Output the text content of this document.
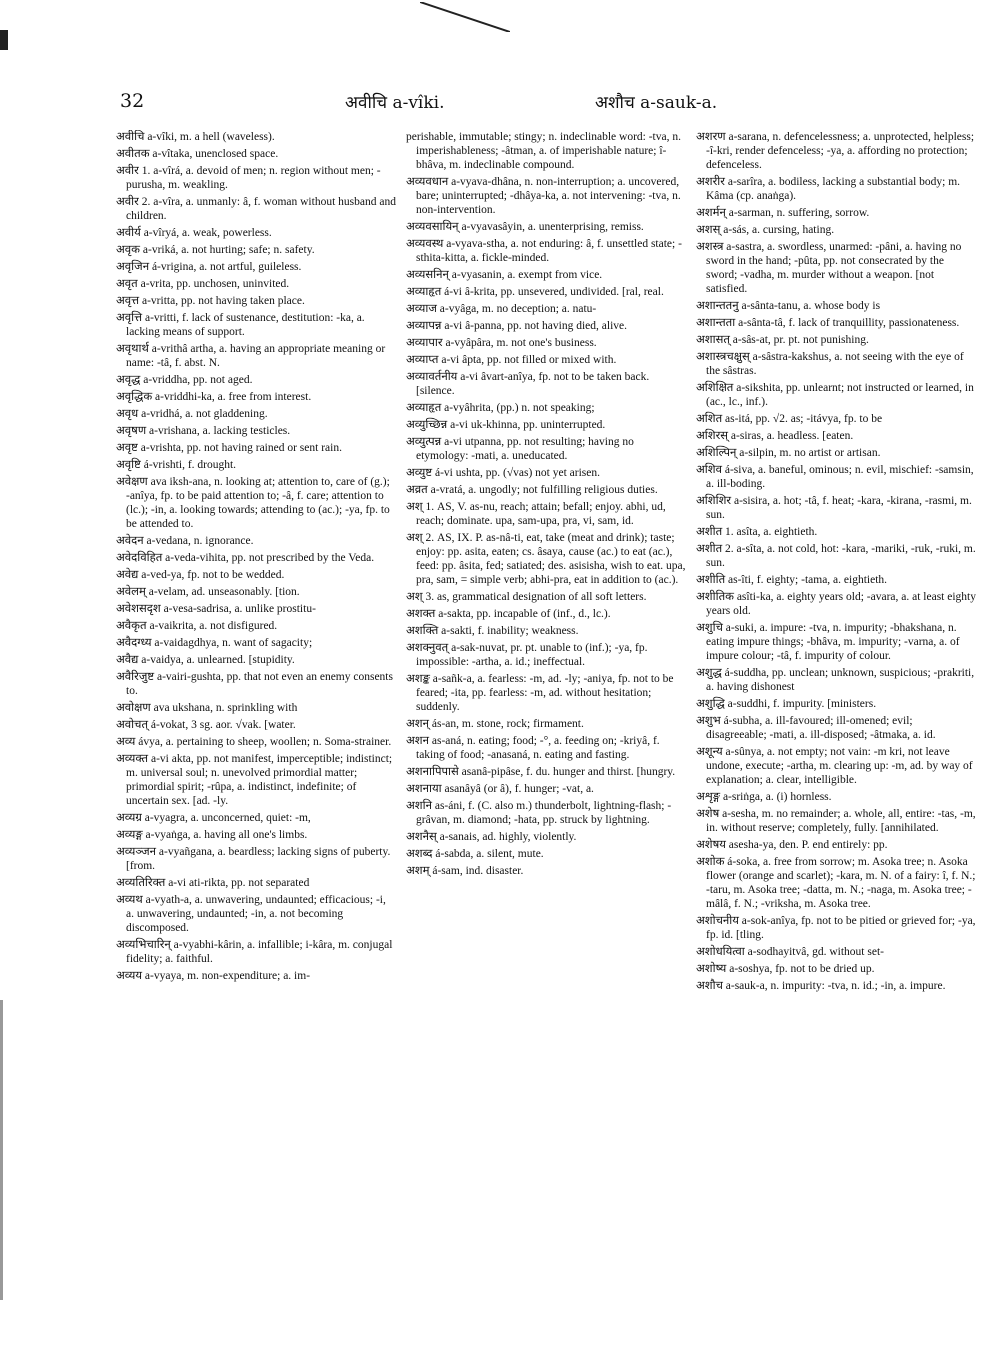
32	अवीचि a-vîki.	अशौच a-sauk-a.

अवीचि a-vîki, m. a hell (waveless).

अवीतक a-vîtaka, unenclosed space.

अवीर 1. a-vîrá, a. devoid of men; n. region without men; -purusha, m. weakling.

अवीर 2. a-vîra, a. unmanly: â, f. woman without husband and children.

अवीर्य a-vîryá, a. weak, powerless.

अवृक a-vriká, a. not hurting; safe; n. safety.

अवृजिन á-vrigina, a. not artful, guileless.

अवृत a-vrita, pp. unchosen, uninvited.

अवृत्त a-vritta, pp. not having taken place.

अवृत्ति a-vritti, f. lack of sustenance, destitution: -ka, a. lacking means of support.

अवृथार्थ a-vrithâ artha, a. having an appropriate meaning or name: -tâ, f. abst. N.

अवृद्ध a-vriddha, pp. not aged.

अवृद्धिक a-vriddhi-ka, a. free from interest.

अवृध a-vridhá, a. not gladdening.

अवृषण a-vrishana, a. lacking testicles.

अवृष्ट a-vrishta, pp. not having rained or sent rain.

अवृष्टि á-vrishti, f. drought.

अवेक्षण ava iksh-ana, n. looking at; attention to, care of (g.); -anîya, fp. to be paid attention to; -â, f. care; attention to (lc.); -in, a. looking towards; attending to (ac.); -ya, fp. to be attended to.

अवेदन a-vedana, n. ignorance.

अवेदविहित a-veda-vihita, pp. not prescribed by the Veda.

अवेद्य a-ved-ya, fp. not to be wedded.

अवेलम् a-velam, ad. unseasonably. [tion.

अवेशसदृश a-vesa-sadrisa, a. unlike prostitu-

अवैकृत a-vaikrita, a. not disfigured.

अवैदग्ध्य a-vaidagdhya, n. want of sagacity;

अवैद्य a-vaidya, a. unlearned. [stupidity.

अवैरिजुष्ट a-vairi-gushta, pp. that not even an enemy consents to.

अवोक्षण ava ukshana, n. sprinkling with

अवोचत् á-vokat, 3 sg. aor. √vak. [water.

अव्य ávya, a. pertaining to sheep, woollen; n. Soma-strainer.

अव्यक्त a-vi akta, pp. not manifest, imperceptible; indistinct; m. universal soul; n. unevolved primordial matter; primordial spirit; -rûpa, a. indistinct, indefinite; of uncertain sex. [ad. -ly.

अव्यग्र a-vyagra, a. unconcerned, quiet: -m,

अव्यङ्ग a-vyaṅga, a. having all one's limbs.

अव्यञ्जन a-vyañgana, a. beardless; lacking signs of puberty. [from.

अव्यतिरिक्त a-vi ati-rikta, pp. not separated

अव्यथ a-vyath-a, a. unwavering, undaunted; efficacious; -i, a. unwavering, undaunted; -in, a. not becoming discomposed.

अव्यभिचारिन् a-vyabhi-kârin, a. infallible; i-kâra, m. conjugal fidelity; a. faithful.

अव्यय a-vyaya, m. non-expenditure; a. im-

perishable, immutable; stingy; n. indeclinable word: -tva, n. imperishableness; -âtman, a. of imperishable nature; î-bhâva, m. indeclinable compound.

अव्यवधान a-vyava-dhâna, n. non-interruption; a. uncovered, bare; uninterrupted; -dhâya-ka, a. not intervening: -tva, n. non-intervention.

अव्यवसायिन् a-vyavasâyin, a. unenterprising, remiss.

अव्यवस्थ a-vyava-stha, a. not enduring: â, f. unsettled state; -sthita-kitta, a. fickle-minded.

अव्यसनिन् a-vyasanin, a. exempt from vice.

अव्याहृत á-vi â-krita, pp. unsevered, undivided. [ral, real.

अव्याज a-vyâga, m. no deception; a. natu-

अव्यापन्न a-vi â-panna, pp. not having died, alive.

अव्यापार a-vyâpâra, m. not one's business.

अव्याप्त a-vi âpta, pp. not filled or mixed with.

अव्यावर्तनीय a-vi âvart-anîya, fp. not to be taken back. [silence.

अव्याहृत a-vyâhrita, (pp.) n. not speaking;

अव्युच्छिन्न a-vi uk-khinna, pp. uninterrupted.

अव्युत्पन्न a-vi utpanna, pp. not resulting; having no etymology: -mati, a. uneducated.

अव्युष्ट á-vi ushta, pp. (√vas) not yet arisen.

अव्रत a-vratá, a. ungodly; not fulfilling religious duties.

अश् 1. AS, V. as-nu, reach; attain; befall; enjoy. abhi, ud, reach; dominate. upa, sam-upa, pra, vi, sam, id.

अश् 2. AS, IX. P. as-nâ-ti, eat, take (meat and drink); taste; enjoy: pp. asita, eaten; cs. âsaya, cause (ac.) to eat (ac.), feed: pp. âsita, fed; satiated; des. asisisha, wish to eat. upa, pra, sam, = simple verb; abhi-pra, eat in addition to (ac.).

अश् 3. as, grammatical designation of all soft letters.

अशक्त a-sakta, pp. incapable of (inf., d., lc.).

अशक्ति a-sakti, f. inability; weakness.

अशक्नुवत् a-sak-nuvat, pr. pt. unable to (inf.); -ya, fp. impossible: -artha, a. id.; ineffectual.

अशङ्क a-sañk-a, a. fearless: -m, ad. -ly; -aniya, fp. not to be feared; -ita, pp. fearless: -m, ad. without hesitation; suddenly.

अशन् ás-an, m. stone, rock; firmament.

अशन as-aná, n. eating; food; -°, a. feeding on; -kriyâ, f. taking of food; -anasaná, n. eating and fasting.

अशनापिपासे asanâ-pipâse, f. du. hunger and thirst. [hungry.

अशनाया asanâyâ (or â), f. hunger; -vat, a.

अशनि as-áni, f. (C. also m.) thunderbolt, lightning-flash; -grâvan, m. diamond; -hata, pp. struck by lightning.

अशनैस् a-sanais, ad. highly, violently.

अशब्द á-sabda, a. silent, mute.

अशम् á-sam, ind. disaster.

अशरण a-sarana, n. defencelessness; a. unprotected, helpless; -î-kri, render defenceless; -ya, a. affording no protection; defenceless.

अशरीर a-sarîra, a. bodiless, lacking a substantial body; m. Kâma (cp. anaṅga).

अशर्मन् a-sarman, n. suffering, sorrow.

अशस् a-sás, a. cursing, hating.

अशस्त्र a-sastra, a. swordless, unarmed: -pâni, a. having no sword in the hand; -pûta, pp. not consecrated by the sword; -vadha, m. murder without a weapon. [not satisfied.

अशान्ततनु a-sânta-tanu, a. whose body is

अशान्तता a-sânta-tâ, f. lack of tranquillity, passionateness.

अशासत् a-sâs-at, pr. pt. not punishing.

अशास्त्रचक्षुस् a-sâstra-kakshus, a. not seeing with the eye of the sâstras.

अशिक्षित a-sikshita, pp. unlearnt; not instructed or learned, in (ac., lc., inf.).

अशित as-itá, pp. √2. as; -itávya, fp. to be

अशिरस् a-siras, a. headless. [eaten.

अशिल्पिन् a-silpin, m. no artist or artisan.

अशिव á-siva, a. baneful, ominous; n. evil, mischief: -samsin, a. ill-boding.

अशिशिर a-sisira, a. hot; -tâ, f. heat; -kara, -kirana, -rasmi, m. sun.

अशीत 1. asîta, a. eightieth.

अशीत 2. a-sîta, a. not cold, hot: -kara, -mariki, -ruk, -ruki, m. sun.

अशीति as-îti, f. eighty; -tama, a. eightieth.

अशीतिक asîti-ka, a. eighty years old; -avara, a. at least eighty years old.

अशुचि a-suki, a. impure: -tva, n. impurity; -bhakshana, n. eating impure things; -bhâva, m. impurity; -varna, a. of impure colour; -tâ, f. impurity of colour.

अशुद्ध á-suddha, pp. unclean; unknown, suspicious; -prakriti, a. having dishonest

अशुद्धि a-suddhi, f. impurity. [ministers.

अशुभ á-subha, a. ill-favoured; ill-omened; evil; disagreeable; -mati, a. ill-disposed; -âtmaka, a. id.

अशून्य a-sûnya, a. not empty; not vain: -m kri, not leave undone, execute; -artha, m. clearing up: -m, ad. by way of explanation; a. clear, intelligible.

अशृङ्ग a-sriṅga, a. (i) hornless.

अशेष a-sesha, m. no remainder; a. whole, all, entire: -tas, -m, in. without reserve; completely, fully. [annihilated.

अशेषय asesha-ya, den. P. end entirely: pp.

अशोक á-soka, a. free from sorrow; m. Asoka tree; n. Asoka flower (orange and scarlet); -kara, m. N. of a fairy: î, f. N.; -taru, m. Asoka tree; -datta, m. N.; -naga, m. Asoka tree; -mâlâ, f. N.; -vriksha, m. Asoka tree.

अशोचनीय a-sok-anîya, fp. not to be pitied or grieved for; -ya, fp. id. [tling.

अशोधयित्वा a-sodhayitvâ, gd. without set-

अशोष्य a-soshya, fp. not to be dried up.

अशौच a-sauk-a, n. impurity: -tva, n. id.; -in, a. impure.
